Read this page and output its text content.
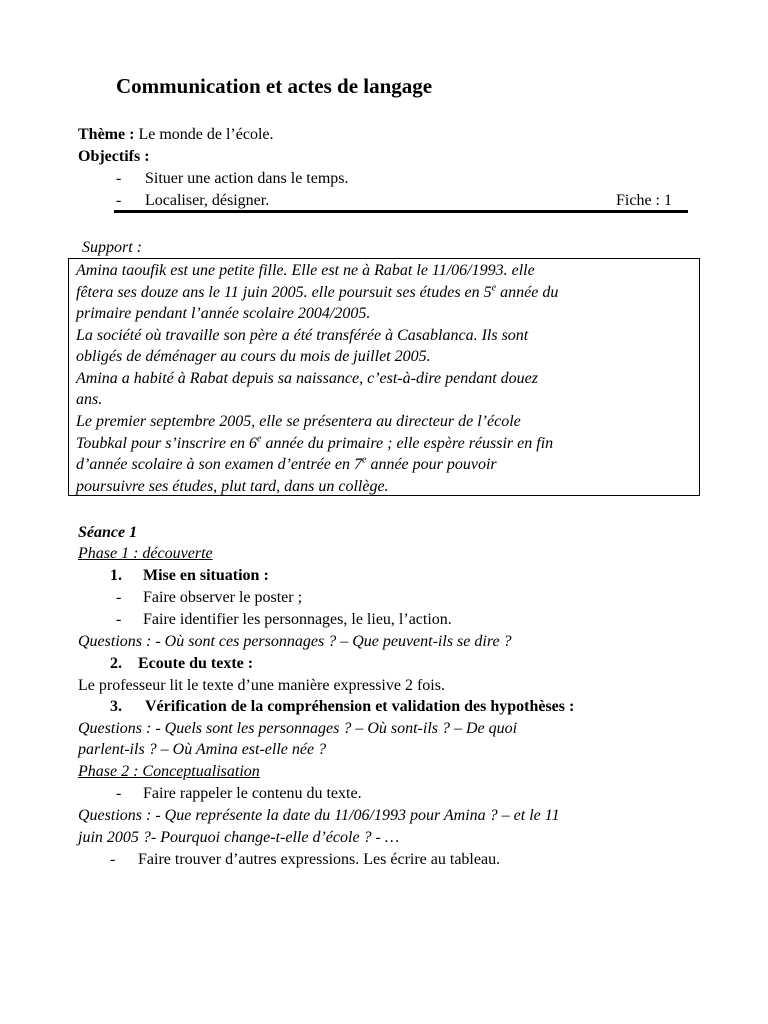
Communication et actes de langage
Thème : Le monde de l’école.
Objectifs :
- Situer une action dans le temps.
- Localiser, désigner.	Fiche : 1
Support :
Amina taoufik est une petite fille. Elle est ne à Rabat le 11/06/1993. elle
fêtera ses douze ans le 11 juin 2005. elle poursuit ses études en 5e année du
primaire pendant l’année scolaire 2004/2005.
La société où travaille son père a été transférée à Casablanca. Ils sont
obligés de déménager au cours du mois de juillet 2005.
Amina a habité à Rabat depuis sa naissance, c’est-à-dire pendant douez
ans.
Le premier septembre 2005, elle se présentera au directeur de l’école
Toubkal pour s’inscrire en 6e année du primaire ; elle espère réussir en fin
d’année scolaire à son examen d’entrée en 7e année pour pouvoir
poursuivre ses études, plut tard, dans un collège.
Séance 1
Phase 1 : découverte
1. Mise en situation :
- Faire observer le poster ;
- Faire identifier les personnages, le lieu, l’action.
Questions : - Où sont ces personnages ? – Que peuvent-ils se dire ?
2. Ecoute du texte :
Le professeur lit le texte d’une manière expressive 2 fois.
3. Vérification de la compréhension et validation des hypothèses :
Questions : - Quels sont les personnages ? – Où sont-ils ? – De quoi
parlent-ils ? – Où Amina est-elle née ?
Phase 2 : Conceptualisation
- Faire rappeler le contenu du texte.
Questions : - Que représente la date du 11/06/1993 pour Amina ? – et le 11
juin 2005 ?- Pourquoi change-t-elle d’école ? - …
- Faire trouver d’autres expressions. Les écrire au tableau.
